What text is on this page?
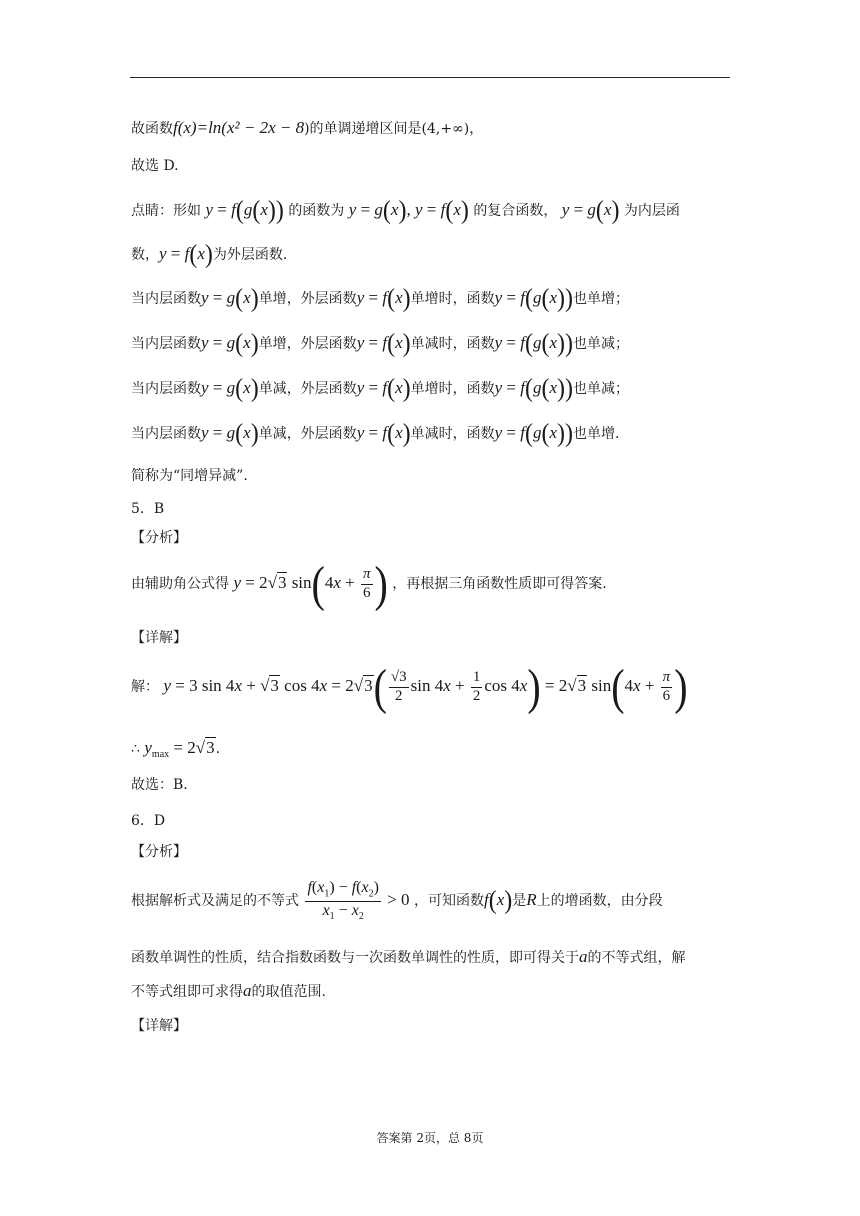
故函数f(x)=ln(x² − 2x − 8)的单调递增区间是(4,+∞)，
故选 D.
点睛：形如 y = f(g(x)) 的函数为 y = g(x), y = f(x) 的复合函数， y = g(x) 为内层函
数，y = f(x)为外层函数.
当内层函数y = g(x)单增，外层函数y = f(x)单增时，函数y = f(g(x))也单增；
当内层函数y = g(x)单增，外层函数y = f(x)单减时，函数y = f(g(x))也单减；
当内层函数y = g(x)单减，外层函数y = f(x)单增时，函数y = f(g(x))也单减；
当内层函数y = g(x)单减，外层函数y = f(x)单减时，函数y = f(g(x))也单增.
简称为“同增异减”.
5．B
【分析】
由辅助角公式得 y = 2√3 $\sin(4x + \frac{\pi}{6}$ ) ，再根据三角函数性质即可得答案.
【详解】
解： y = 3 sin 4x + √3 $\cos 4x = 2√3( \frac{√3}{2}$ $\sin 4x + \frac{1}{2}$ cos 4x) = 2√3 $\sin(4x + \frac{\pi}{6}$ )
∴ $y_{max} = 2√3$.
故选：B.
6．D
【分析】
根据解析式及满足的不等式 $\frac{f(x_1) - f(x_2)}{x_1 - x_2} > 0$ ，可知函数f(x)是R上的增函数，由分段
函数单调性的性质，结合指数函数与一次函数单调性的性质，即可得关于a的不等式组，解
不等式组即可求得a的取值范围.
【详解】
答案第 2页，总 8页
